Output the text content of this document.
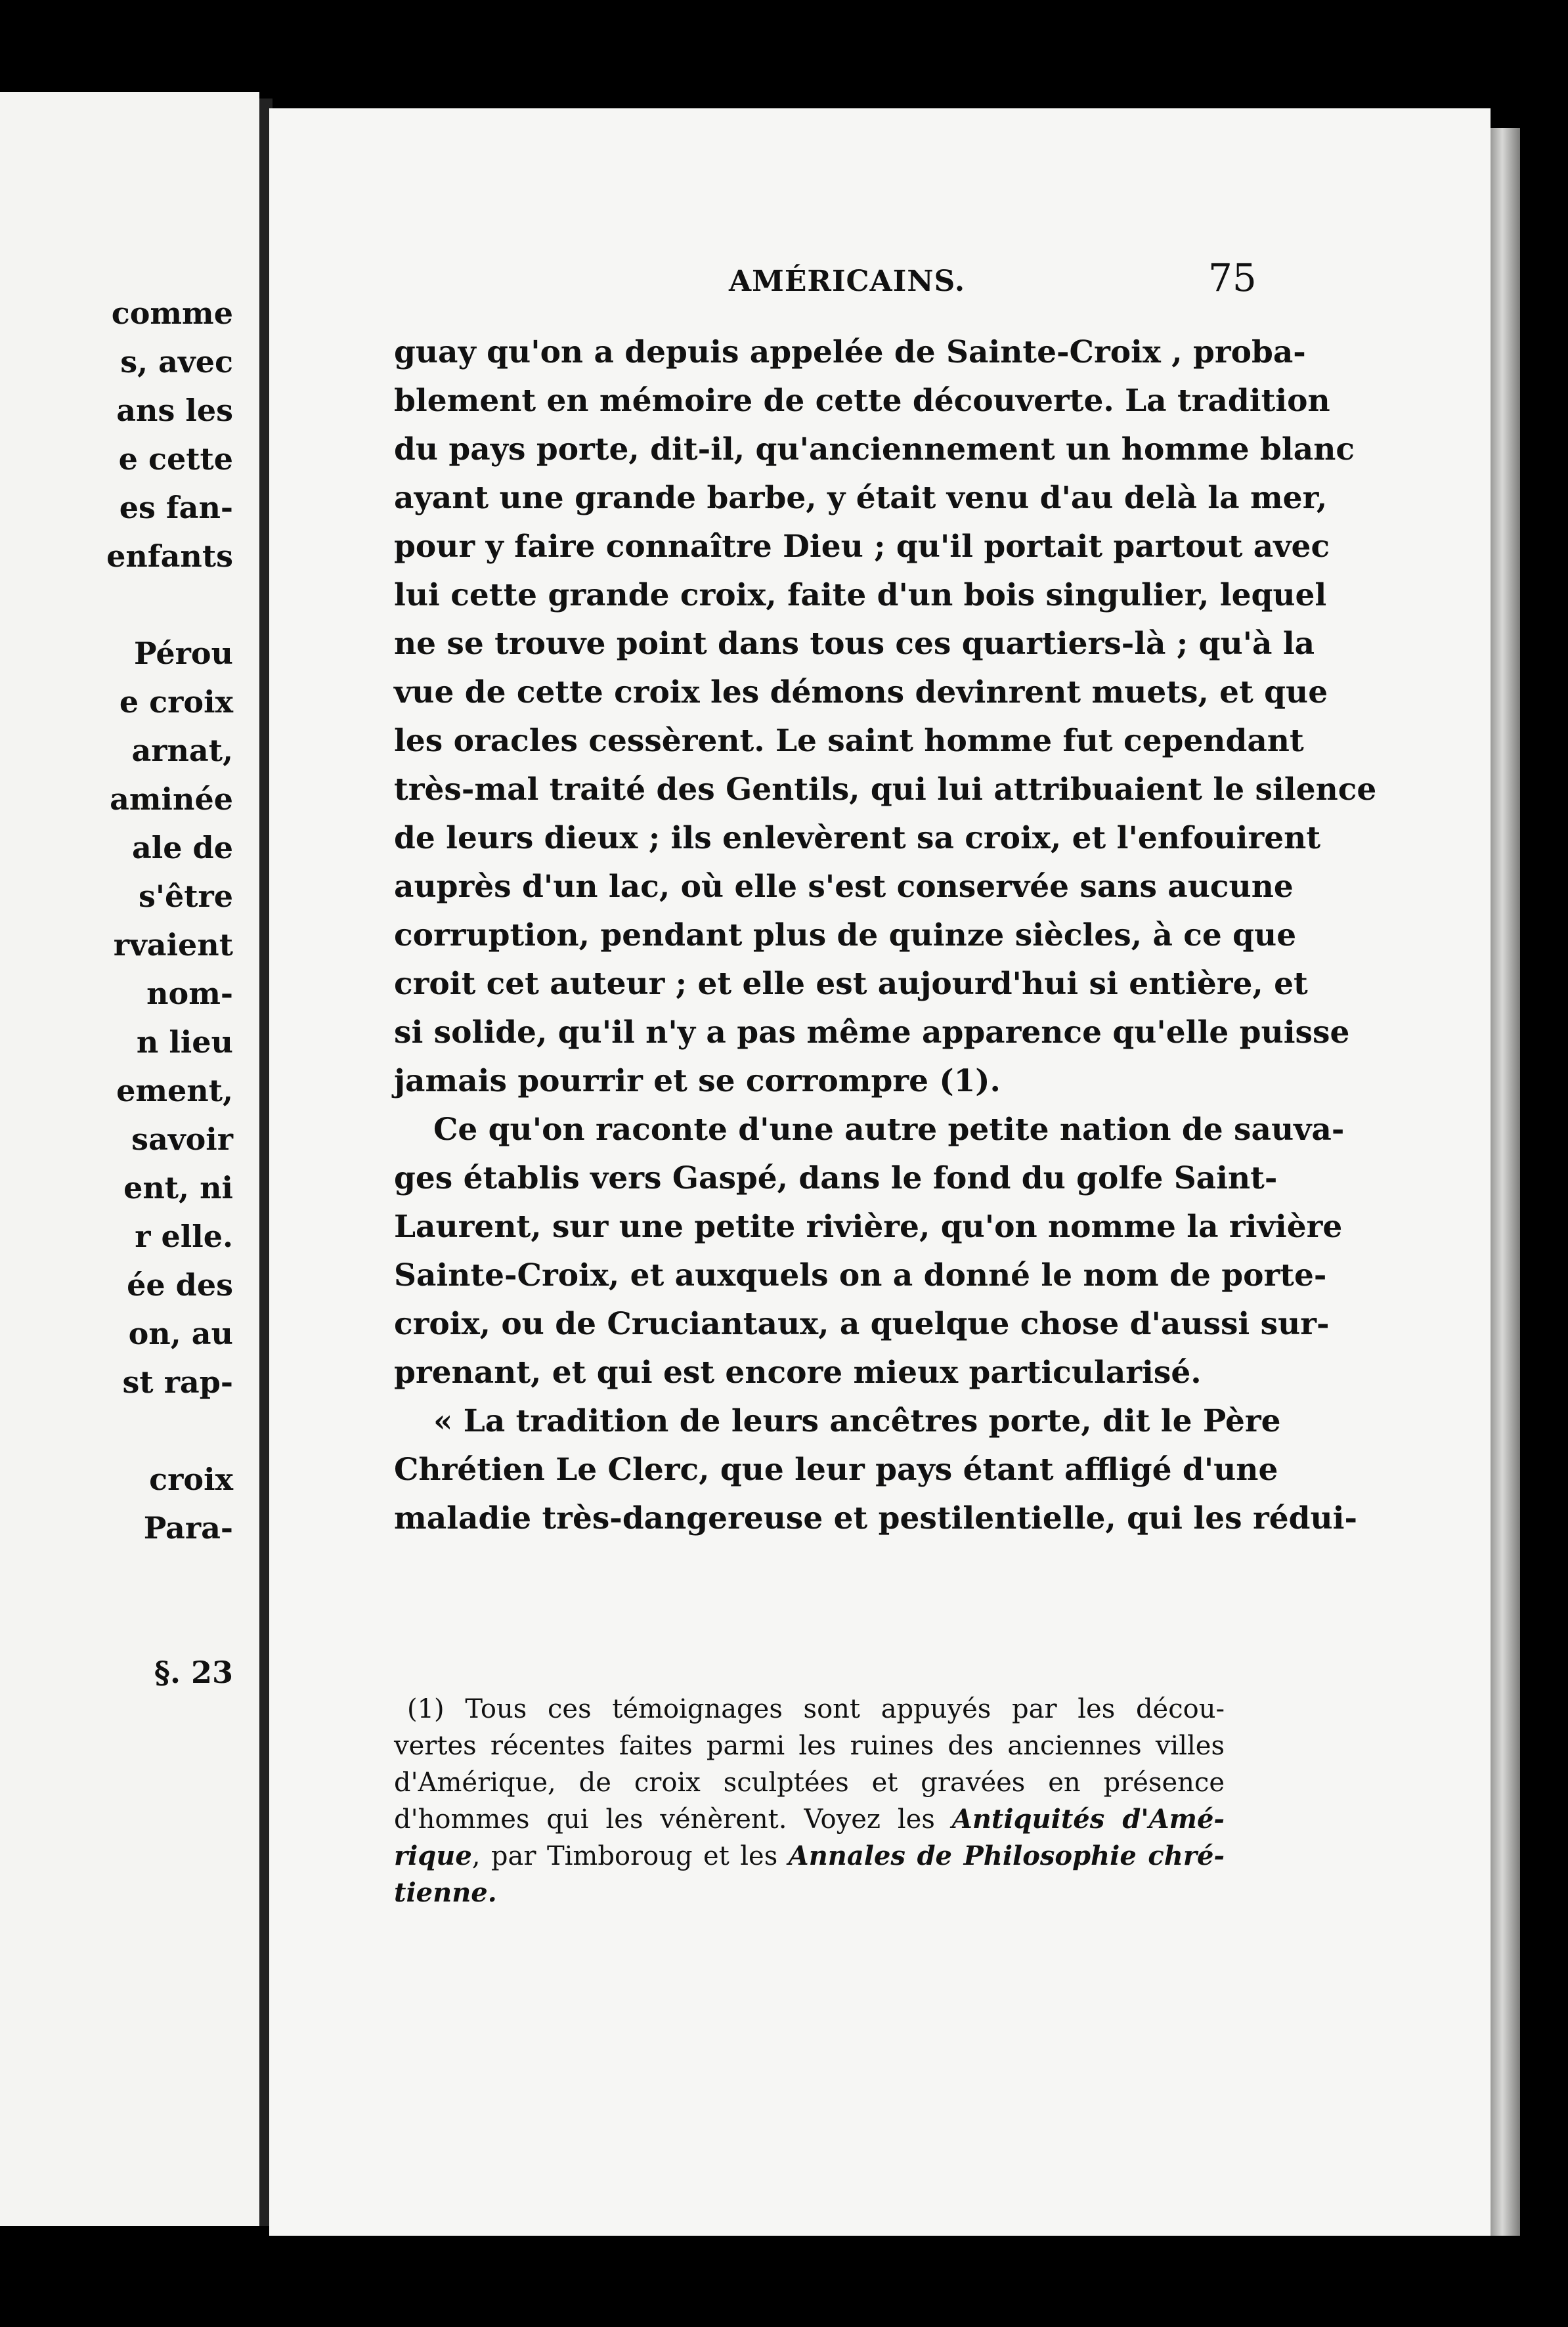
comme
s, avec
ans les
e cette
es fan-
enfants
Pérou
e croix
arnat,
aminée
ale de
s'être
rvaient
nom-
n lieu
ement,
savoir
ent, ni
r elle.
ée des
on, au
st rap-
croix
Para-
§. 23
AMÉRICAINS.	75
guay qu'on a depuis appelée de Sainte-Croix , proba-
blement en mémoire de cette découverte. La tradition
du pays porte, dit-il, qu'anciennement un homme blanc
ayant une grande barbe, y était venu d'au delà la mer,
pour y faire connaître Dieu ; qu'il portait partout avec
lui cette grande croix, faite d'un bois singulier, lequel
ne se trouve point dans tous ces quartiers-là ; qu'à la
vue de cette croix les démons devinrent muets, et que
les oracles cessèrent. Le saint homme fut cependant
très-mal traité des Gentils, qui lui attribuaient le silence
de leurs dieux ; ils enlevèrent sa croix, et l'enfouirent
auprès d'un lac, où elle s'est conservée sans aucune
corruption, pendant plus de quinze siècles, à ce que
croit cet auteur ; et elle est aujourd'hui si entière, et
si solide, qu'il n'y a pas même apparence qu'elle puisse
jamais pourrir et se corrompre (1).
Ce qu'on raconte d'une autre petite nation de sauva-
ges établis vers Gaspé, dans le fond du golfe Saint-
Laurent, sur une petite rivière, qu'on nomme la rivière
Sainte-Croix, et auxquels on a donné le nom de porte-
croix, ou de Cruciantaux, a quelque chose d'aussi sur-
prenant, et qui est encore mieux particularisé.
« La tradition de leurs ancêtres porte, dit le Père
Chrétien Le Clerc, que leur pays étant affligé d'une
maladie très-dangereuse et pestilentielle, qui les rédui-
(1) Tous ces témoignages sont appuyés par les décou-
vertes récentes faites parmi les ruines des anciennes villes
d'Amérique, de croix sculptées et gravées en présence
d'hommes qui les vénèrent. Voyez les Antiquités d'Amé-
rique, par Timboroug et les Annales de Philosophie chré-
tienne.
